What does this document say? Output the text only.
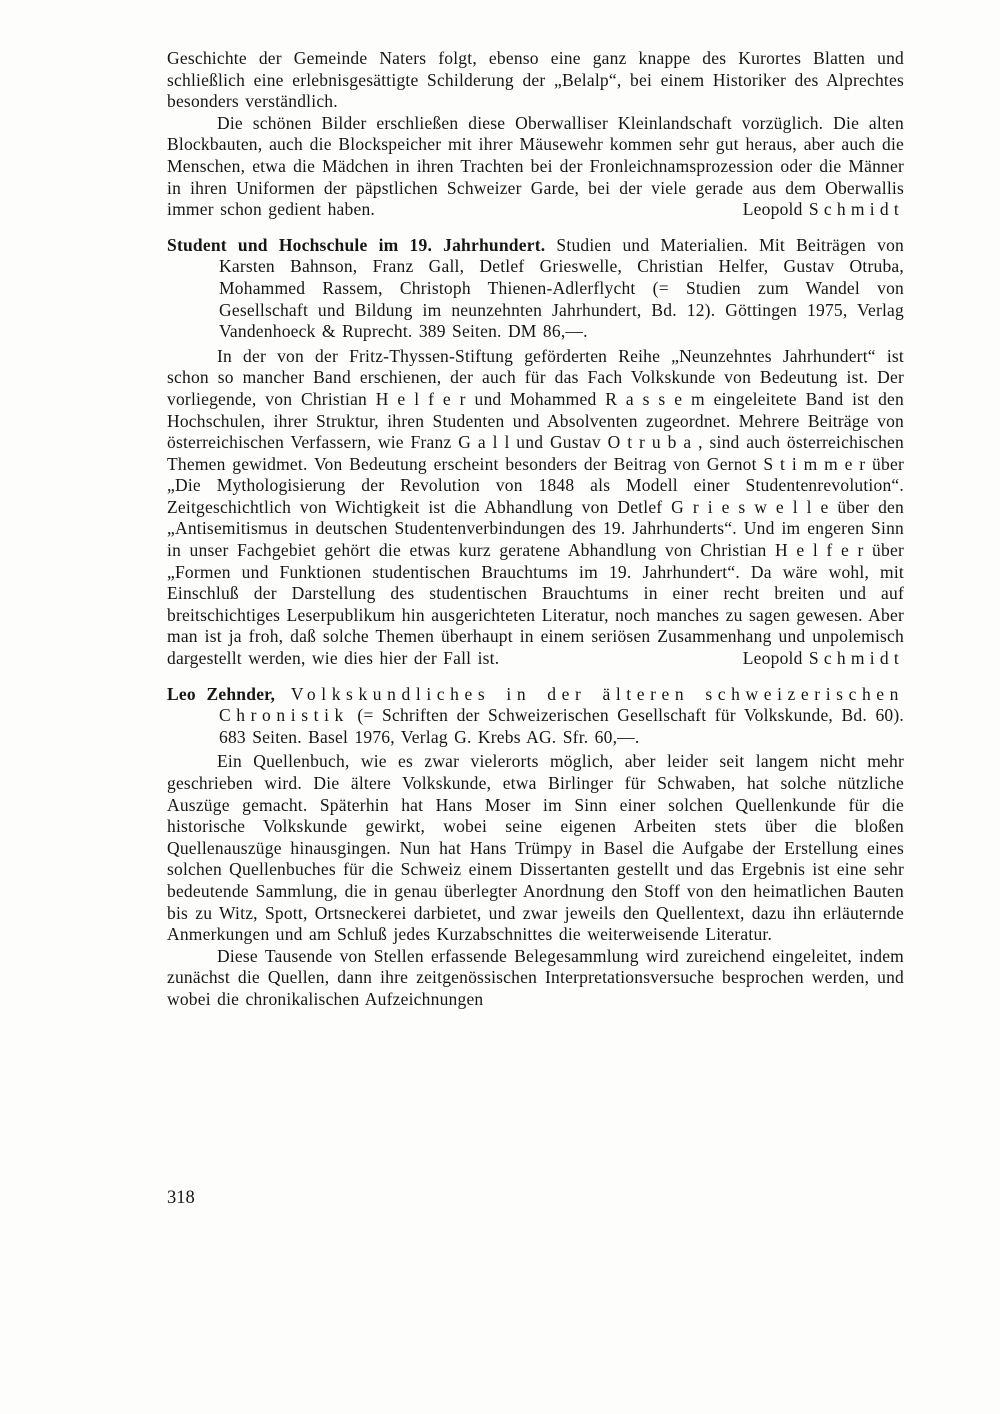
Geschichte der Gemeinde Naters folgt, ebenso eine ganz knappe des Kurortes Blatten und schließlich eine erlebnisgesättigte Schilderung der „Belalp“, bei einem Historiker des Alprechtes besonders verständlich.

Die schönen Bilder erschließen diese Oberwalliser Kleinlandschaft vorzüglich. Die alten Blockbauten, auch die Blockspeicher mit ihrer Mäusewehr kommen sehr gut heraus, aber auch die Menschen, etwa die Mädchen in ihren Trachten bei der Fronleichnamsprozession oder die Männer in ihren Uniformen der päpstlichen Schweizer Garde, bei der viele gerade aus dem Oberwallis immer schon gedient haben.	Leopold Schmidt

Student und Hochschule im 19. Jahrhundert. Studien und Materialien. Mit Beiträgen von Karsten Bahnson, Franz Gall, Detlef Grieswelle, Christian Helfer, Gustav Otruba, Mohammed Rassem, Christoph Thienen-Adlerflycht (= Studien zum Wandel von Gesellschaft und Bildung im neunzehnten Jahrhundert, Bd. 12). Göttingen 1975, Verlag Vandenhoeck & Ruprecht. 389 Seiten. DM 86,—.

In der von der Fritz-Thyssen-Stiftung geförderten Reihe „Neunzehntes Jahrhundert“ ist schon so mancher Band erschienen, der auch für das Fach Volkskunde von Bedeutung ist. Der vorliegende, von Christian H e l f e r und Mohammed R a s s e m eingeleitete Band ist den Hochschulen, ihrer Struktur, ihren Studenten und Absolventen zugeordnet. Mehrere Beiträge von österreichischen Verfassern, wie Franz G a l l und Gustav O t r u b a , sind auch österreichischen Themen gewidmet. Von Bedeutung erscheint besonders der Beitrag von Gernot S t i m m e r über „Die Mythologisierung der Revolution von 1848 als Modell einer Studentenrevolution“. Zeitgeschichtlich von Wichtigkeit ist die Abhandlung von Detlef G r i e s w e l l e über den „Antisemitismus in deutschen Studentenverbindungen des 19. Jahrhunderts“. Und im engeren Sinn in unser Fachgebiet gehört die etwas kurz geratene Abhandlung von Christian H e l f e r über „Formen und Funktionen studentischen Brauchtums im 19. Jahrhundert“. Da wäre wohl, mit Einschluß der Darstellung des studentischen Brauchtums in einer recht breiten und auf breitschichtiges Leserpublikum hin ausgerichteten Literatur, noch manches zu sagen gewesen. Aber man ist ja froh, daß solche Themen überhaupt in einem seriösen Zusammenhang und unpolemisch dargestellt werden, wie dies hier der Fall ist.	Leopold Schmidt

Leo Zehnder, Volkskundliches in der älteren schweizerischen Chronistik (= Schriften der Schweizerischen Gesellschaft für Volkskunde, Bd. 60). 683 Seiten. Basel 1976, Verlag G. Krebs AG. Sfr. 60,—.

Ein Quellenbuch, wie es zwar vielerorts möglich, aber leider seit langem nicht mehr geschrieben wird. Die ältere Volkskunde, etwa Birlinger für Schwaben, hat solche nützliche Auszüge gemacht. Späterhin hat Hans Moser im Sinn einer solchen Quellenkunde für die historische Volkskunde gewirkt, wobei seine eigenen Arbeiten stets über die bloßen Quellenauszüge hinausgingen. Nun hat Hans Trümpy in Basel die Aufgabe der Erstellung eines solchen Quellenbuches für die Schweiz einem Dissertanten gestellt und das Ergebnis ist eine sehr bedeutende Sammlung, die in genau überlegter Anordnung den Stoff von den heimatlichen Bauten bis zu Witz, Spott, Ortsneckerei darbietet, und zwar jeweils den Quellentext, dazu ihn erläuternde Anmerkungen und am Schluß jedes Kurzabschnittes die weiterweisende Literatur.

Diese Tausende von Stellen erfassende Belegesammlung wird zureichend eingeleitet, indem zunächst die Quellen, dann ihre zeitgenössischen Interpretationsversuche besprochen werden, und wobei die chronikalischen Aufzeichnungen

318
